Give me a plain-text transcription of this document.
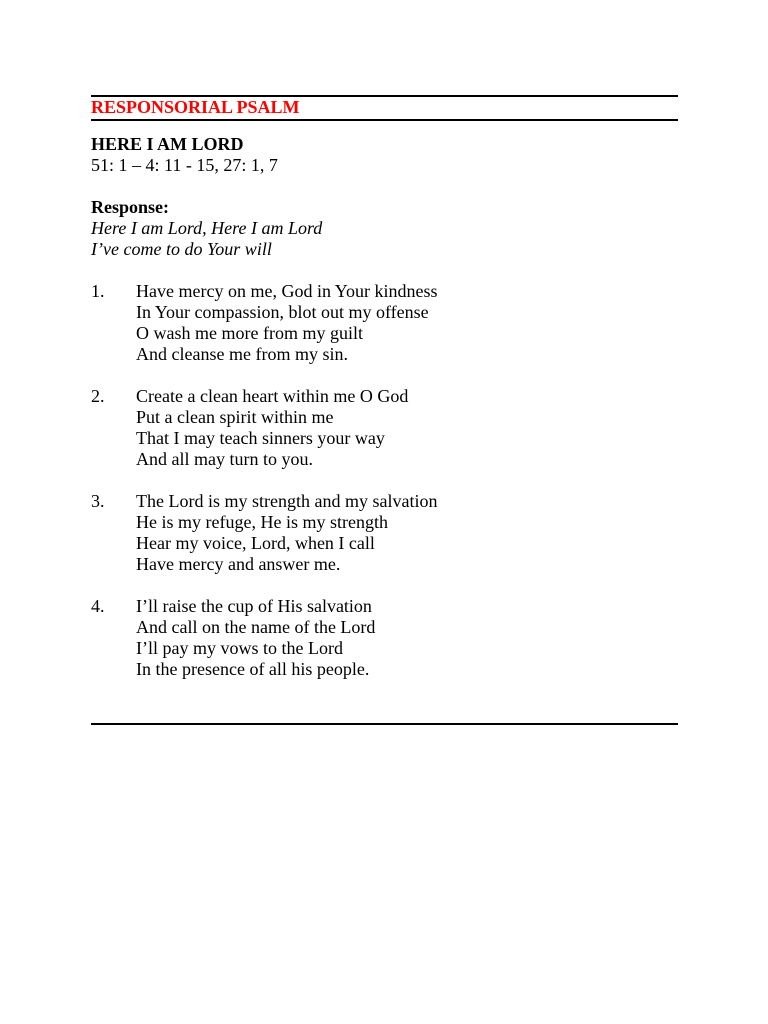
RESPONSORIAL PSALM
HERE I AM LORD
51: 1 – 4: 11 - 15, 27: 1, 7
Response:
Here I am Lord, Here I am Lord
I’ve come to do Your will
1.	Have mercy on me, God in Your kindness
In Your compassion, blot out my offense
O wash me more from my guilt
And cleanse me from my sin.
2.	Create a clean heart within me O God
Put a clean spirit within me
That I may teach sinners your way
And all may turn to you.
3.	The Lord is my strength and my salvation
He is my refuge, He is my strength
Hear my voice, Lord, when I call
Have mercy and answer me.
4.	I’ll raise the cup of His salvation
And call on the name of the Lord
I’ll pay my vows to the Lord
In the presence of all his people.
